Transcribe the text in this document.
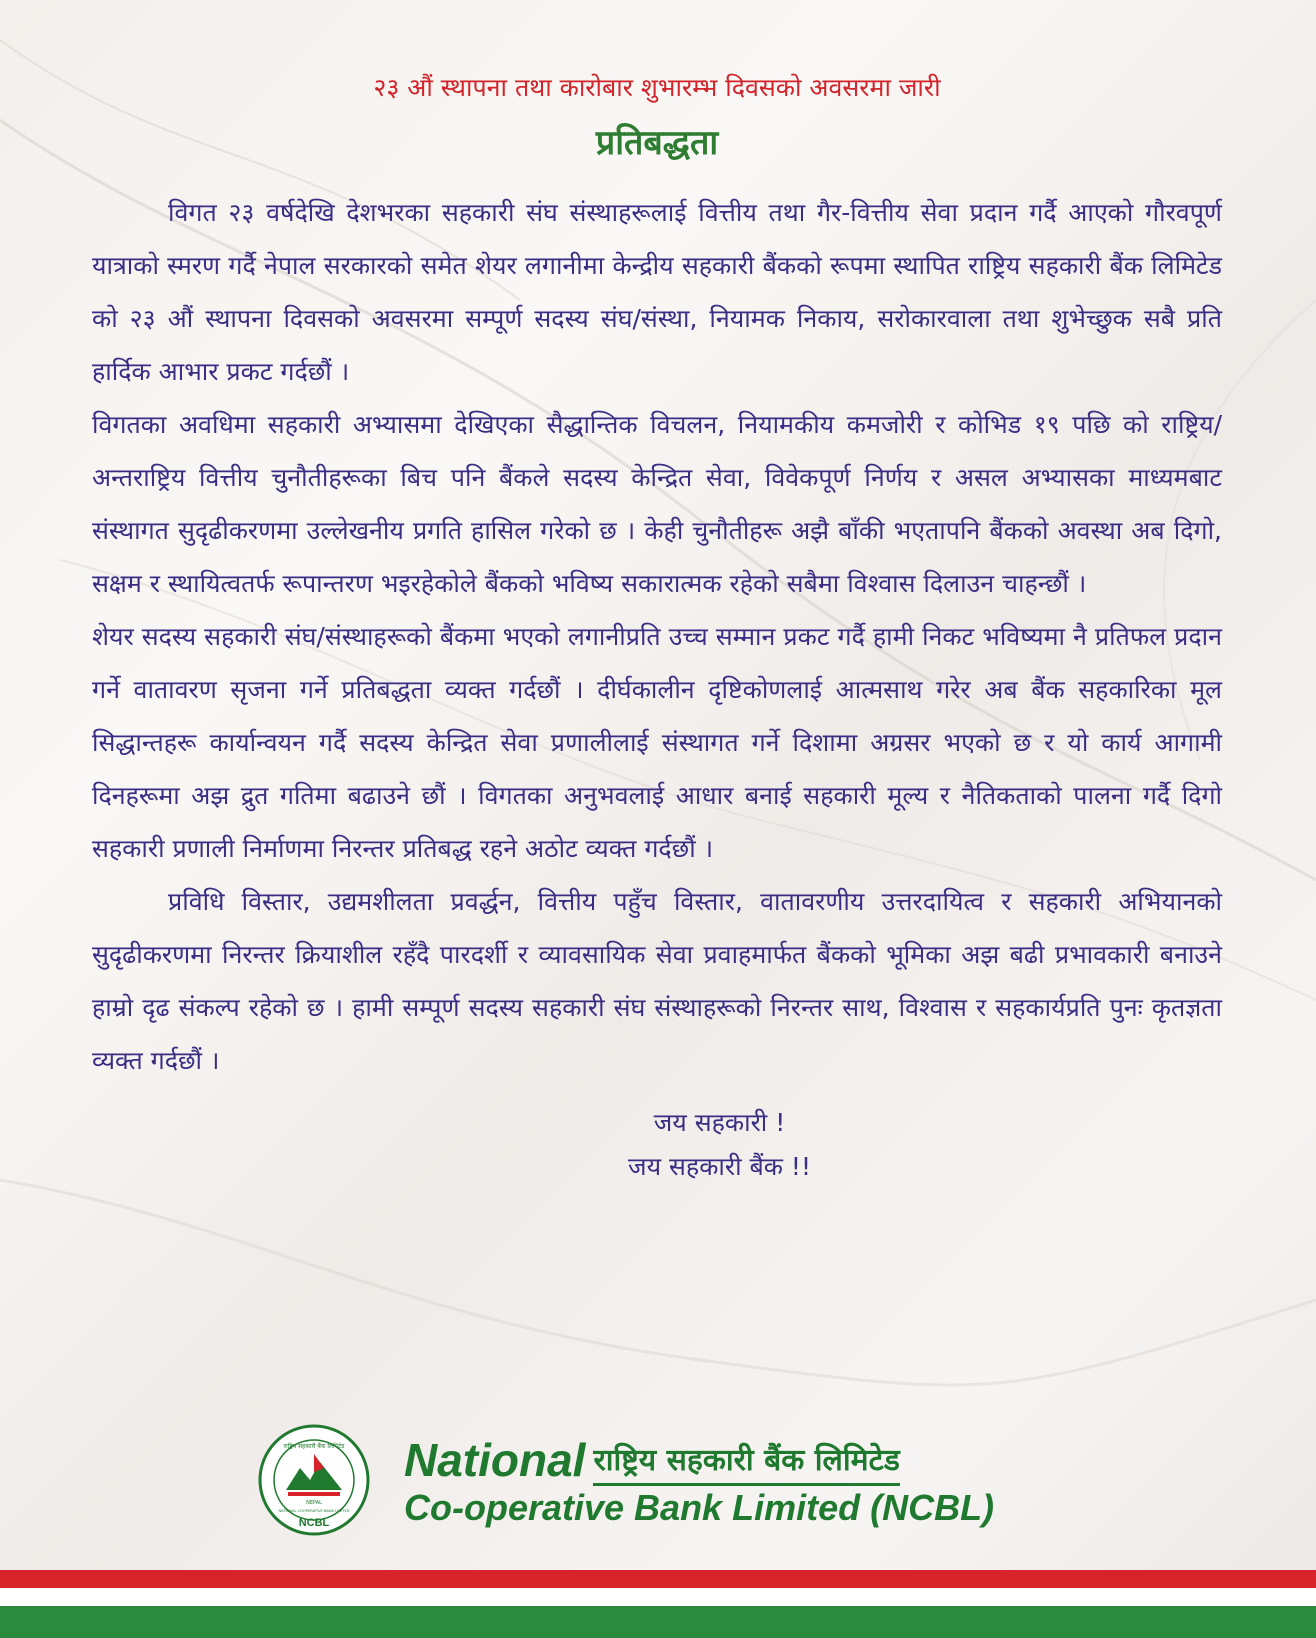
२३ औं स्थापना तथा कारोबार शुभारम्भ दिवसको अवसरमा जारी

प्रतिबद्धता

विगत २३ वर्षदेखि देशभरका सहकारी संघ संस्थाहरूलाई वित्तीय तथा गैर-वित्तीय सेवा प्रदान गर्दै आएको गौरवपूर्ण यात्राको स्मरण गर्दै नेपाल सरकारको समेत शेयर लगानीमा केन्द्रीय सहकारी बैंकको रूपमा स्थापित राष्ट्रिय सहकारी बैंक लिमिटेड को २३ औं स्थापना दिवसको अवसरमा सम्पूर्ण सदस्य संघ/संस्था, नियामक निकाय, सरोकारवाला तथा शुभेच्छुक सबै प्रति हार्दिक आभार प्रकट गर्दछौं ।

विगतका अवधिमा सहकारी अभ्यासमा देखिएका सैद्धान्तिक विचलन, नियामकीय कमजोरी र कोभिड १९ पछि को राष्ट्रिय/अन्तराष्ट्रिय वित्तीय चुनौतीहरूका बिच पनि बैंकले सदस्य केन्द्रित सेवा, विवेकपूर्ण निर्णय र असल अभ्यासका माध्यमबाट संस्थागत सुदृढीकरणमा उल्लेखनीय प्रगति हासिल गरेको छ । केही चुनौतीहरू अझै बाँकी भएतापनि बैंकको अवस्था अब दिगो, सक्षम र स्थायित्वतर्फ रूपान्तरण भइरहेकोले बैंकको भविष्य सकारात्मक रहेको सबैमा विश्वास दिलाउन चाहन्छौं ।

शेयर सदस्य सहकारी संघ/संस्थाहरूको बैंकमा भएको लगानीप्रति उच्च सम्मान प्रकट गर्दै हामी निकट भविष्यमा नै प्रतिफल प्रदान गर्ने वातावरण सृजना गर्ने प्रतिबद्धता व्यक्त गर्दछौं । दीर्घकालीन दृष्टिकोणलाई आत्मसाथ गरेर अब बैंक सहकारिका मूल सिद्धान्तहरू कार्यान्वयन गर्दै सदस्य केन्द्रित सेवा प्रणालीलाई संस्थागत गर्ने दिशामा अग्रसर भएको छ र यो कार्य आगामी दिनहरूमा अझ द्रुत गतिमा बढाउने छौं । विगतका अनुभवलाई आधार बनाई सहकारी मूल्य र नैतिकताको पालना गर्दै दिगो सहकारी प्रणाली निर्माणमा निरन्तर प्रतिबद्ध रहने अठोट व्यक्त गर्दछौं ।

प्रविधि विस्तार, उद्यमशीलता प्रवर्द्धन, वित्तीय पहुँच विस्तार, वातावरणीय उत्तरदायित्व र सहकारी अभियानको सुदृढीकरणमा निरन्तर क्रियाशील रहँदै पारदर्शी र व्यावसायिक सेवा प्रवाहमार्फत बैंकको भूमिका अझ बढी प्रभावकारी बनाउने हाम्रो दृढ संकल्प रहेको छ । हामी सम्पूर्ण सदस्य सहकारी संघ संस्थाहरूको निरन्तर साथ, विश्वास र सहकार्यप्रति पुनः कृतज्ञता व्यक्त गर्दछौं ।

जय सहकारी !
जय सहकारी बैंक !!
राष्ट्रिय सहकारी बैंक लिमिटेड
NEPAL
NATIONAL COOPERATIVE BANK LIMITED
NCBL
National राष्ट्रिय सहकारी बैंक लिमिटेड
Co-operative Bank Limited (NCBL)
